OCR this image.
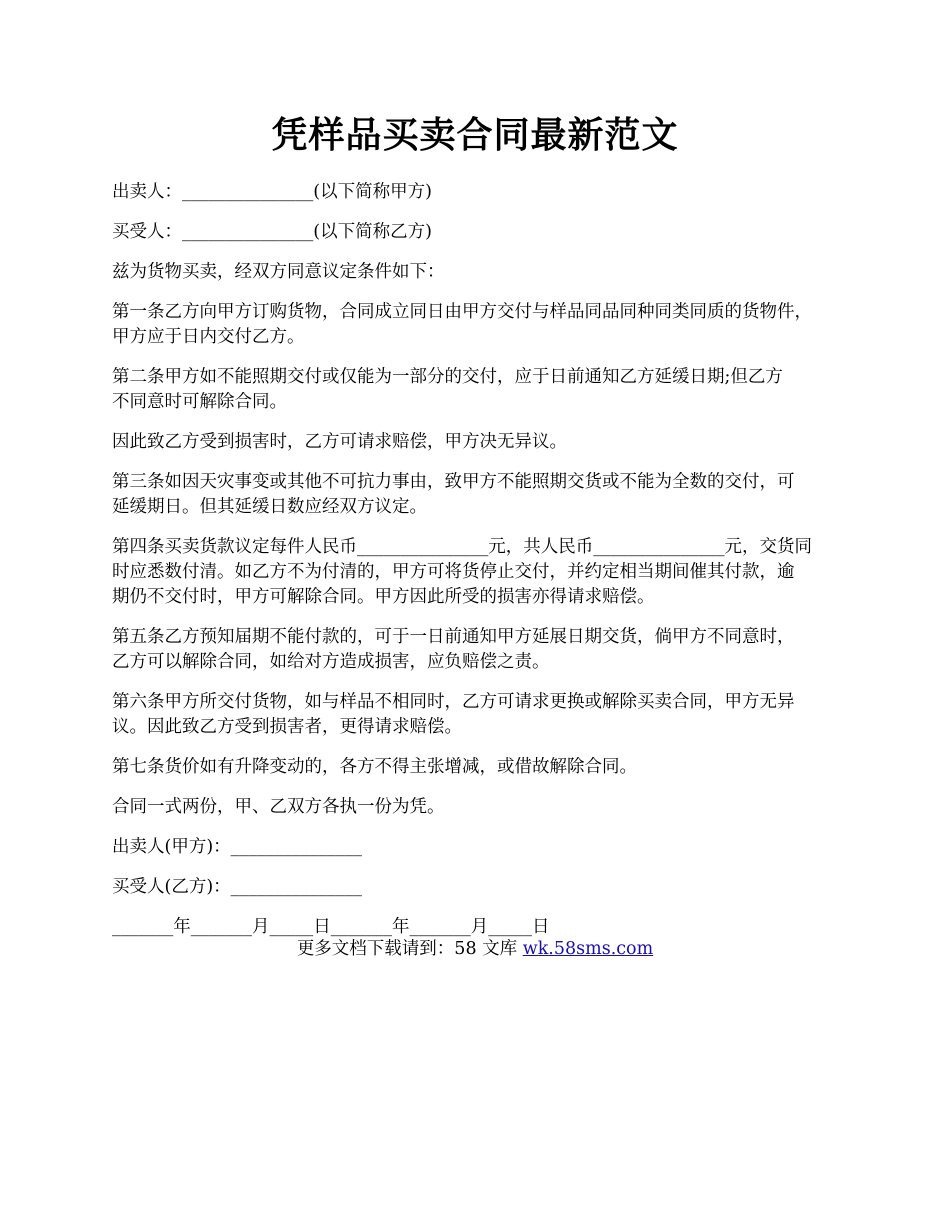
凭样品买卖合同最新范文

出卖人：_______________(以下简称甲方)

买受人：_______________(以下简称乙方)

兹为货物买卖，经双方同意议定条件如下：

第一条乙方向甲方订购货物，合同成立同日由甲方交付与样品同品同种同类同质的货物件，
甲方应于日内交付乙方。

第二条甲方如不能照期交付或仅能为一部分的交付，应于日前通知乙方延缓日期;但乙方
不同意时可解除合同。

因此致乙方受到损害时，乙方可请求赔偿，甲方决无异议。

第三条如因天灾事变或其他不可抗力事由，致甲方不能照期交货或不能为全数的交付，可
延缓期日。但其延缓日数应经双方议定。

第四条买卖货款议定每件人民币_______________元，共人民币_______________元，交货同
时应悉数付清。如乙方不为付清的，甲方可将货停止交付，并约定相当期间催其付款，逾
期仍不交付时，甲方可解除合同。甲方因此所受的损害亦得请求赔偿。

第五条乙方预知届期不能付款的，可于一日前通知甲方延展日期交货，倘甲方不同意时，
乙方可以解除合同，如给对方造成损害，应负赔偿之责。

第六条甲方所交付货物，如与样品不相同时，乙方可请求更换或解除买卖合同，甲方无异
议。因此致乙方受到损害者，更得请求赔偿。

第七条货价如有升降变动的，各方不得主张增减，或借故解除合同。

合同一式两份，甲、乙双方各执一份为凭。

出卖人(甲方)：_______________

买受人(乙方)：_______________

_______年_______月_____日_______年_______月_____日

更多文档下载请到：58 文库 wk.58sms.com
